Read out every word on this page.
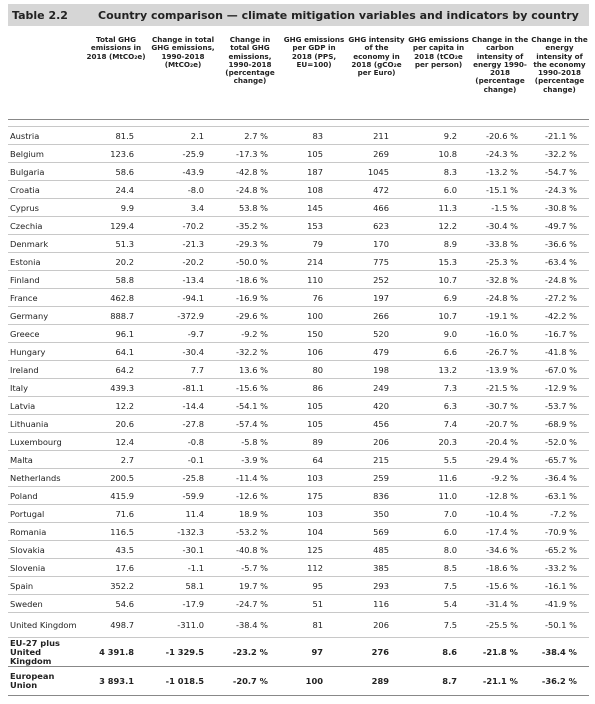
Table 2.2	Country comparison — climate mitigation variables and indicators by country
	Total GHG emissions in 2018 (MtCO₂e)	Change in total GHG emissions, 1990-2018 (MtCO₂e)	Change in total GHG emissions, 1990-2018 (percentage change)	GHG emissions per GDP in 2018 (PPS, EU=100)	GHG intensity of the economy in 2018 (gCO₂e per Euro)	GHG emissions per capita in 2018 (tCO₂e per person)	Change in the carbon intensity of energy 1990-2018 (percentage change)	Change in the energy intensity of the economy 1990-2018 (percentage change)

Austria	81.5	2.1	2.7 %	83	211	9.2	-20.6 %	-21.1 %
Belgium	123.6	-25.9	-17.3 %	105	269	10.8	-24.3 %	-32.2 %
Bulgaria	58.6	-43.9	-42.8 %	187	1045	8.3	-13.2 %	-54.7 %
Croatia	24.4	-8.0	-24.8 %	108	472	6.0	-15.1 %	-24.3 %
Cyprus	9.9	3.4	53.8 %	145	466	11.3	-1.5 %	-30.8 %
Czechia	129.4	-70.2	-35.2 %	153	623	12.2	-30.4 %	-49.7 %
Denmark	51.3	-21.3	-29.3 %	79	170	8.9	-33.8 %	-36.6 %
Estonia	20.2	-20.2	-50.0 %	214	775	15.3	-25.3 %	-63.4 %
Finland	58.8	-13.4	-18.6 %	110	252	10.7	-32.8 %	-24.8 %
France	462.8	-94.1	-16.9 %	76	197	6.9	-24.8 %	-27.2 %
Germany	888.7	-372.9	-29.6 %	100	266	10.7	-19.1 %	-42.2 %
Greece	96.1	-9.7	-9.2 %	150	520	9.0	-16.0 %	-16.7 %
Hungary	64.1	-30.4	-32.2 %	106	479	6.6	-26.7 %	-41.8 %
Ireland	64.2	7.7	13.6 %	80	198	13.2	-13.9 %	-67.0 %
Italy	439.3	-81.1	-15.6 %	86	249	7.3	-21.5 %	-12.9 %
Latvia	12.2	-14.4	-54.1 %	105	420	6.3	-30.7 %	-53.7 %
Lithuania	20.6	-27.8	-57.4 %	105	456	7.4	-20.7 %	-68.9 %
Luxembourg	12.4	-0.8	-5.8 %	89	206	20.3	-20.4 %	-52.0 %
Malta	2.7	-0.1	-3.9 %	64	215	5.5	-29.4 %	-65.7 %
Netherlands	200.5	-25.8	-11.4 %	103	259	11.6	-9.2 %	-36.4 %
Poland	415.9	-59.9	-12.6 %	175	836	11.0	-12.8 %	-63.1 %
Portugal	71.6	11.4	18.9 %	103	350	7.0	-10.4 %	-7.2 %
Romania	116.5	-132.3	-53.2 %	104	569	6.0	-17.4 %	-70.9 %
Slovakia	43.5	-30.1	-40.8 %	125	485	8.0	-34.6 %	-65.2 %
Slovenia	17.6	-1.1	-5.7 %	112	385	8.5	-18.6 %	-33.2 %
Spain	352.2	58.1	19.7 %	95	293	7.5	-15.6 %	-16.1 %
Sweden	54.6	-17.9	-24.7 %	51	116	5.4	-31.4 %	-41.9 %
United Kingdom	498.7	-311.0	-38.4 %	81	206	7.5	-25.5 %	-50.1 %
EU-27 plus United Kingdom	4 391.8	-1 329.5	-23.2 %	97	276	8.6	-21.8 %	-38.4 %
European Union	3 893.1	-1 018.5	-20.7 %	100	289	8.7	-21.1 %	-36.2 %
